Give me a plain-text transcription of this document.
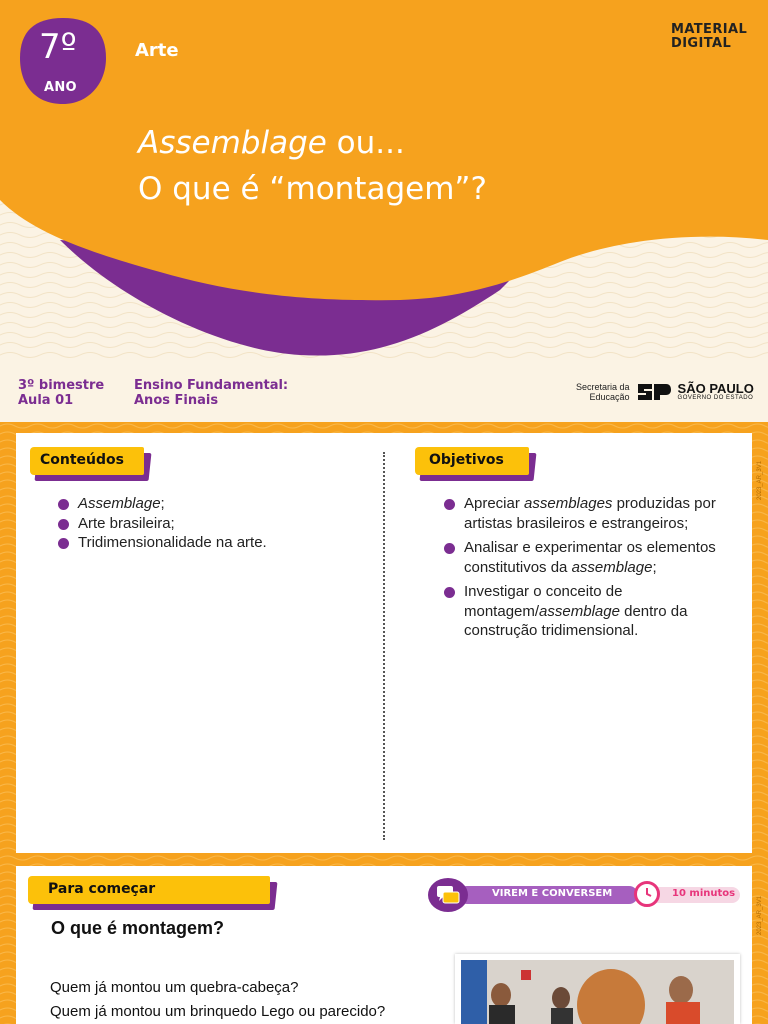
7º
ANO
Arte
MATERIAL
DIGITAL
Assemblage ou...
O que é “montagem”?
3º bimestre
Aula 01
Ensino Fundamental:
Anos Finais
Secretaria da
Educação
SÃO PAULO
GOVERNO DO ESTADO
Conteúdos
Assemblage;
Arte brasileira;
Tridimensionalidade na arte.
Objetivos
Apreciar assemblages produzidas por artistas brasileiros e estrangeiros;
Analisar e experimentar os elementos constitutivos da assemblage;
Investigar o conceito de montagem/assemblage dentro da construção tridimensional.
2023_AR_3V1
Para começar	VIREM E CONVERSEM	10 minutos
2023_AR_3V1
O que é montagem?
Quem já montou um quebra-cabeça?
Quem já montou um brinquedo Lego ou parecido?
